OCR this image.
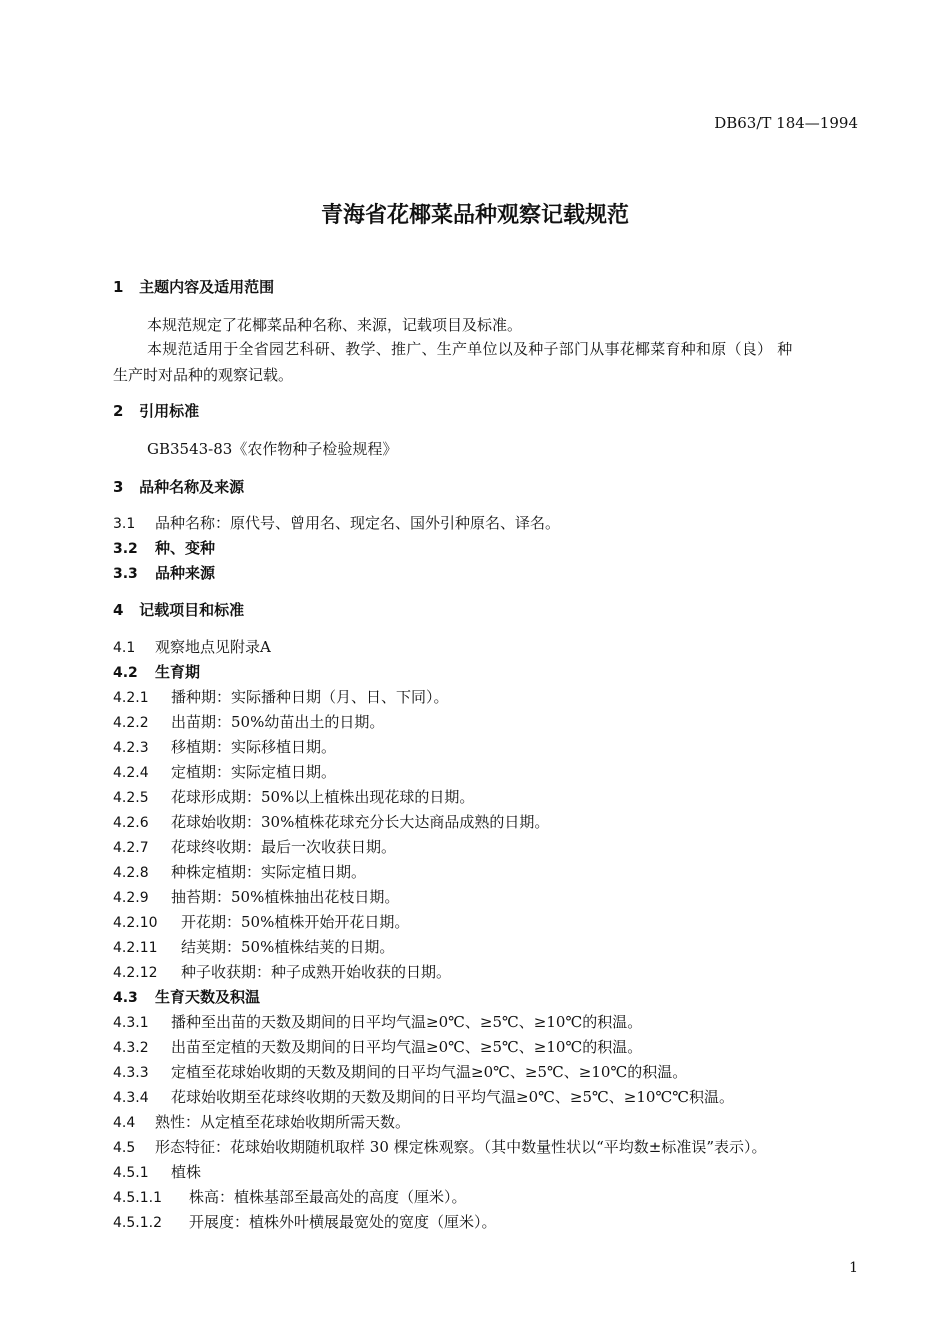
DB63/T 184—1994
青海省花椰菜品种观察记载规范
1 主题内容及适用范围
本规范规定了花椰菜品种名称、来源，记载项目及标准。
本规范适用于全省园艺科研、教学、推广、生产单位以及种子部门从事花椰菜育种和原（良） 种
生产时对品种的观察记载。
2 引用标准
GB3543-83《农作物种子检验规程》
3 品种名称及来源
3.1 品种名称：原代号、曾用名、现定名、国外引种原名、译名。
3.2 种、变种
3.3 品种来源
4 记载项目和标准
4.1 观察地点见附录A
4.2 生育期
4.2.1 播种期：实际播种日期（月、日、下同）。
4.2.2 出苗期：50%幼苗出土的日期。
4.2.3 移植期：实际移植日期。
4.2.4 定植期：实际定植日期。
4.2.5 花球形成期：50%以上植株出现花球的日期。
4.2.6 花球始收期：30%植株花球充分长大达商品成熟的日期。
4.2.7 花球终收期：最后一次收获日期。
4.2.8 种株定植期：实际定植日期。
4.2.9 抽苔期：50%植株抽出花枝日期。
4.2.10 开花期：50%植株开始开花日期。
4.2.11 结荚期：50%植株结荚的日期。
4.2.12 种子收获期：种子成熟开始收获的日期。
4.3 生育天数及积温
4.3.1 播种至出苗的天数及期间的日平均气温≥0℃、≥5℃、≥10℃的积温。
4.3.2 出苗至定植的天数及期间的日平均气温≥0℃、≥5℃、≥10℃的积温。
4.3.3 定植至花球始收期的天数及期间的日平均气温≥0℃、≥5℃、≥10℃的积温。
4.3.4 花球始收期至花球终收期的天数及期间的日平均气温≥0℃、≥5℃、≥10℃℃积温。
4.4 熟性：从定植至花球始收期所需天数。
4.5 形态特征：花球始收期随机取样 30 棵定株观察。（其中数量性状以“平均数±标准误”表示）。
4.5.1 植株
4.5.1.1 株高：植株基部至最高处的高度（厘米）。
4.5.1.2 开展度：植株外叶横展最宽处的宽度（厘米）。
1
